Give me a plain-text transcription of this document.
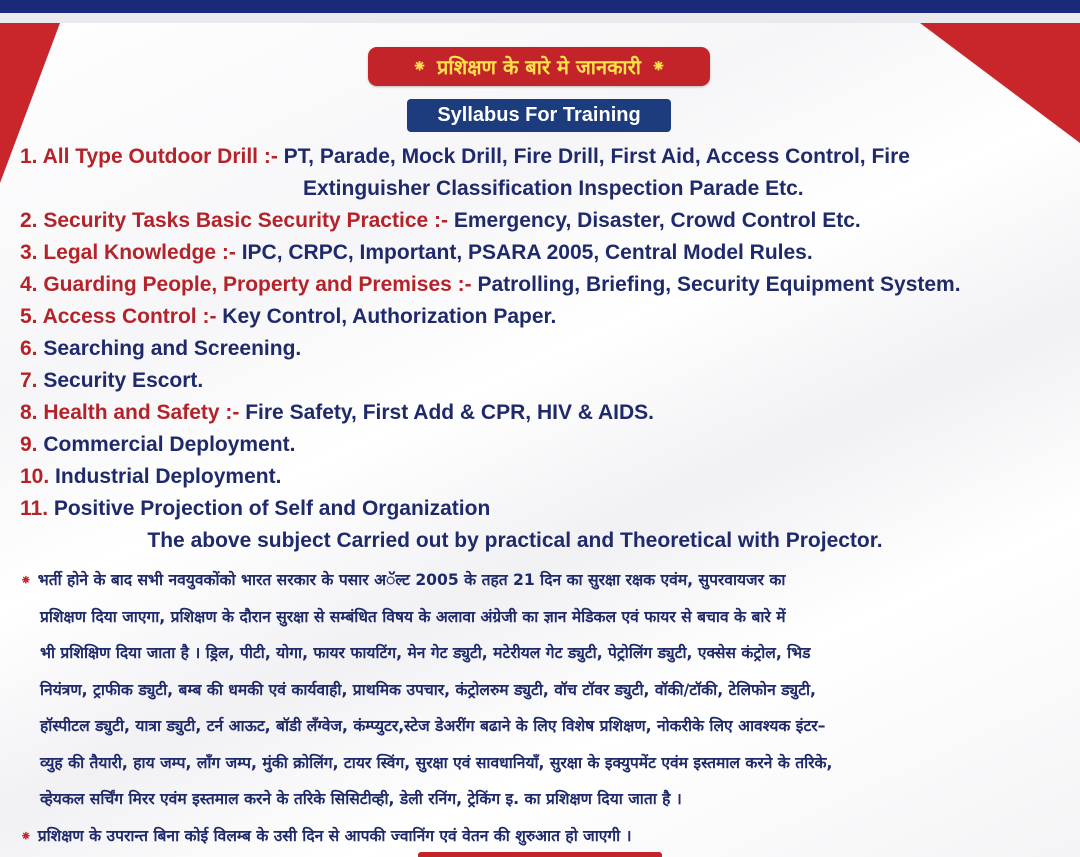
⁕ प्रशिक्षण के बारे मे जानकारी ⁕
Syllabus For Training
1. All Type Outdoor Drill :- PT, Parade, Mock Drill, Fire Drill, First Aid, Access Control, Fire
Extinguisher Classification Inspection Parade Etc.
2. Security Tasks Basic Security Practice :- Emergency, Disaster, Crowd Control Etc.
3. Legal Knowledge :- IPC, CRPC, Important, PSARA 2005, Central Model Rules.
4. Guarding People, Property and Premises :- Patrolling, Briefing, Security Equipment System.
5. Access Control :- Key Control, Authorization Paper.
6. Searching and Screening.
7. Security Escort.
8. Health and Safety :- Fire Safety, First Add & CPR, HIV & AIDS.
9. Commercial Deployment.
10. Industrial Deployment.
11. Positive Projection of Self and Organization
The above subject Carried out by practical and Theoretical with Projector.
⁕ भर्ती होने के बाद सभी नवयुवकोंको भारत सरकार के पसार अॅल्ट 2005 के तहत 21 दिन का सुरक्षा रक्षक एवंम, सुपरवायजर का
प्रशिक्षण दिया जाएगा, प्रशिक्षण के दौरान सुरक्षा से सम्बंधित विषय के अलावा अंग्रेजी का ज्ञान मेडिकल एवं फायर से बचाव के बारे में
भी प्रशिक्षिण दिया जाता है । ड्रिल, पीटी, योगा, फायर फायटिंग, मेन गेट ड्युटी, मटेरीयल गेट ड्युटी, पेट्रोलिंग ड्युटी, एक्सेस कंट्रोल, भिड
नियंत्रण, ट्राफीक ड्युटी, बम्ब की धमकी एवं कार्यवाही, प्राथमिक उपचार, कंट्रोलरुम ड्युटी, वॉच टॉवर ड्युटी, वॉकी/टॉकी, टेलिफोन ड्युटी,
हॉस्पीटल ड्युटी, यात्रा ड्युटी, टर्न आऊट, बॉडी लँग्वेज, कंम्प्युटर,स्टेज डेअरींग बढाने के लिए विशेष प्रशिक्षण, नोकरीके लिए आवश्यक इंटर–
व्युह की तैयारी, हाय जम्प, लाँग जम्प, मुंकी क्रोलिंग, टायर स्विंग, सुरक्षा एवं सावधानियाँ, सुरक्षा के इक्युपमेंट एवंम इस्तमाल करने के तरिके,
व्हेयकल सर्चिंग मिरर एवंम इस्तमाल करने के तरिके सिसिटीव्ही, डेली रनिंग, ट्रेकिंग इ. का प्रशिक्षण दिया जाता है ।
⁕ प्रशिक्षण के उपरान्त बिना कोई विलम्ब के उसी दिन से आपकी ज्वानिंग एवं वेतन की शुरुआत हो जाएगी ।
